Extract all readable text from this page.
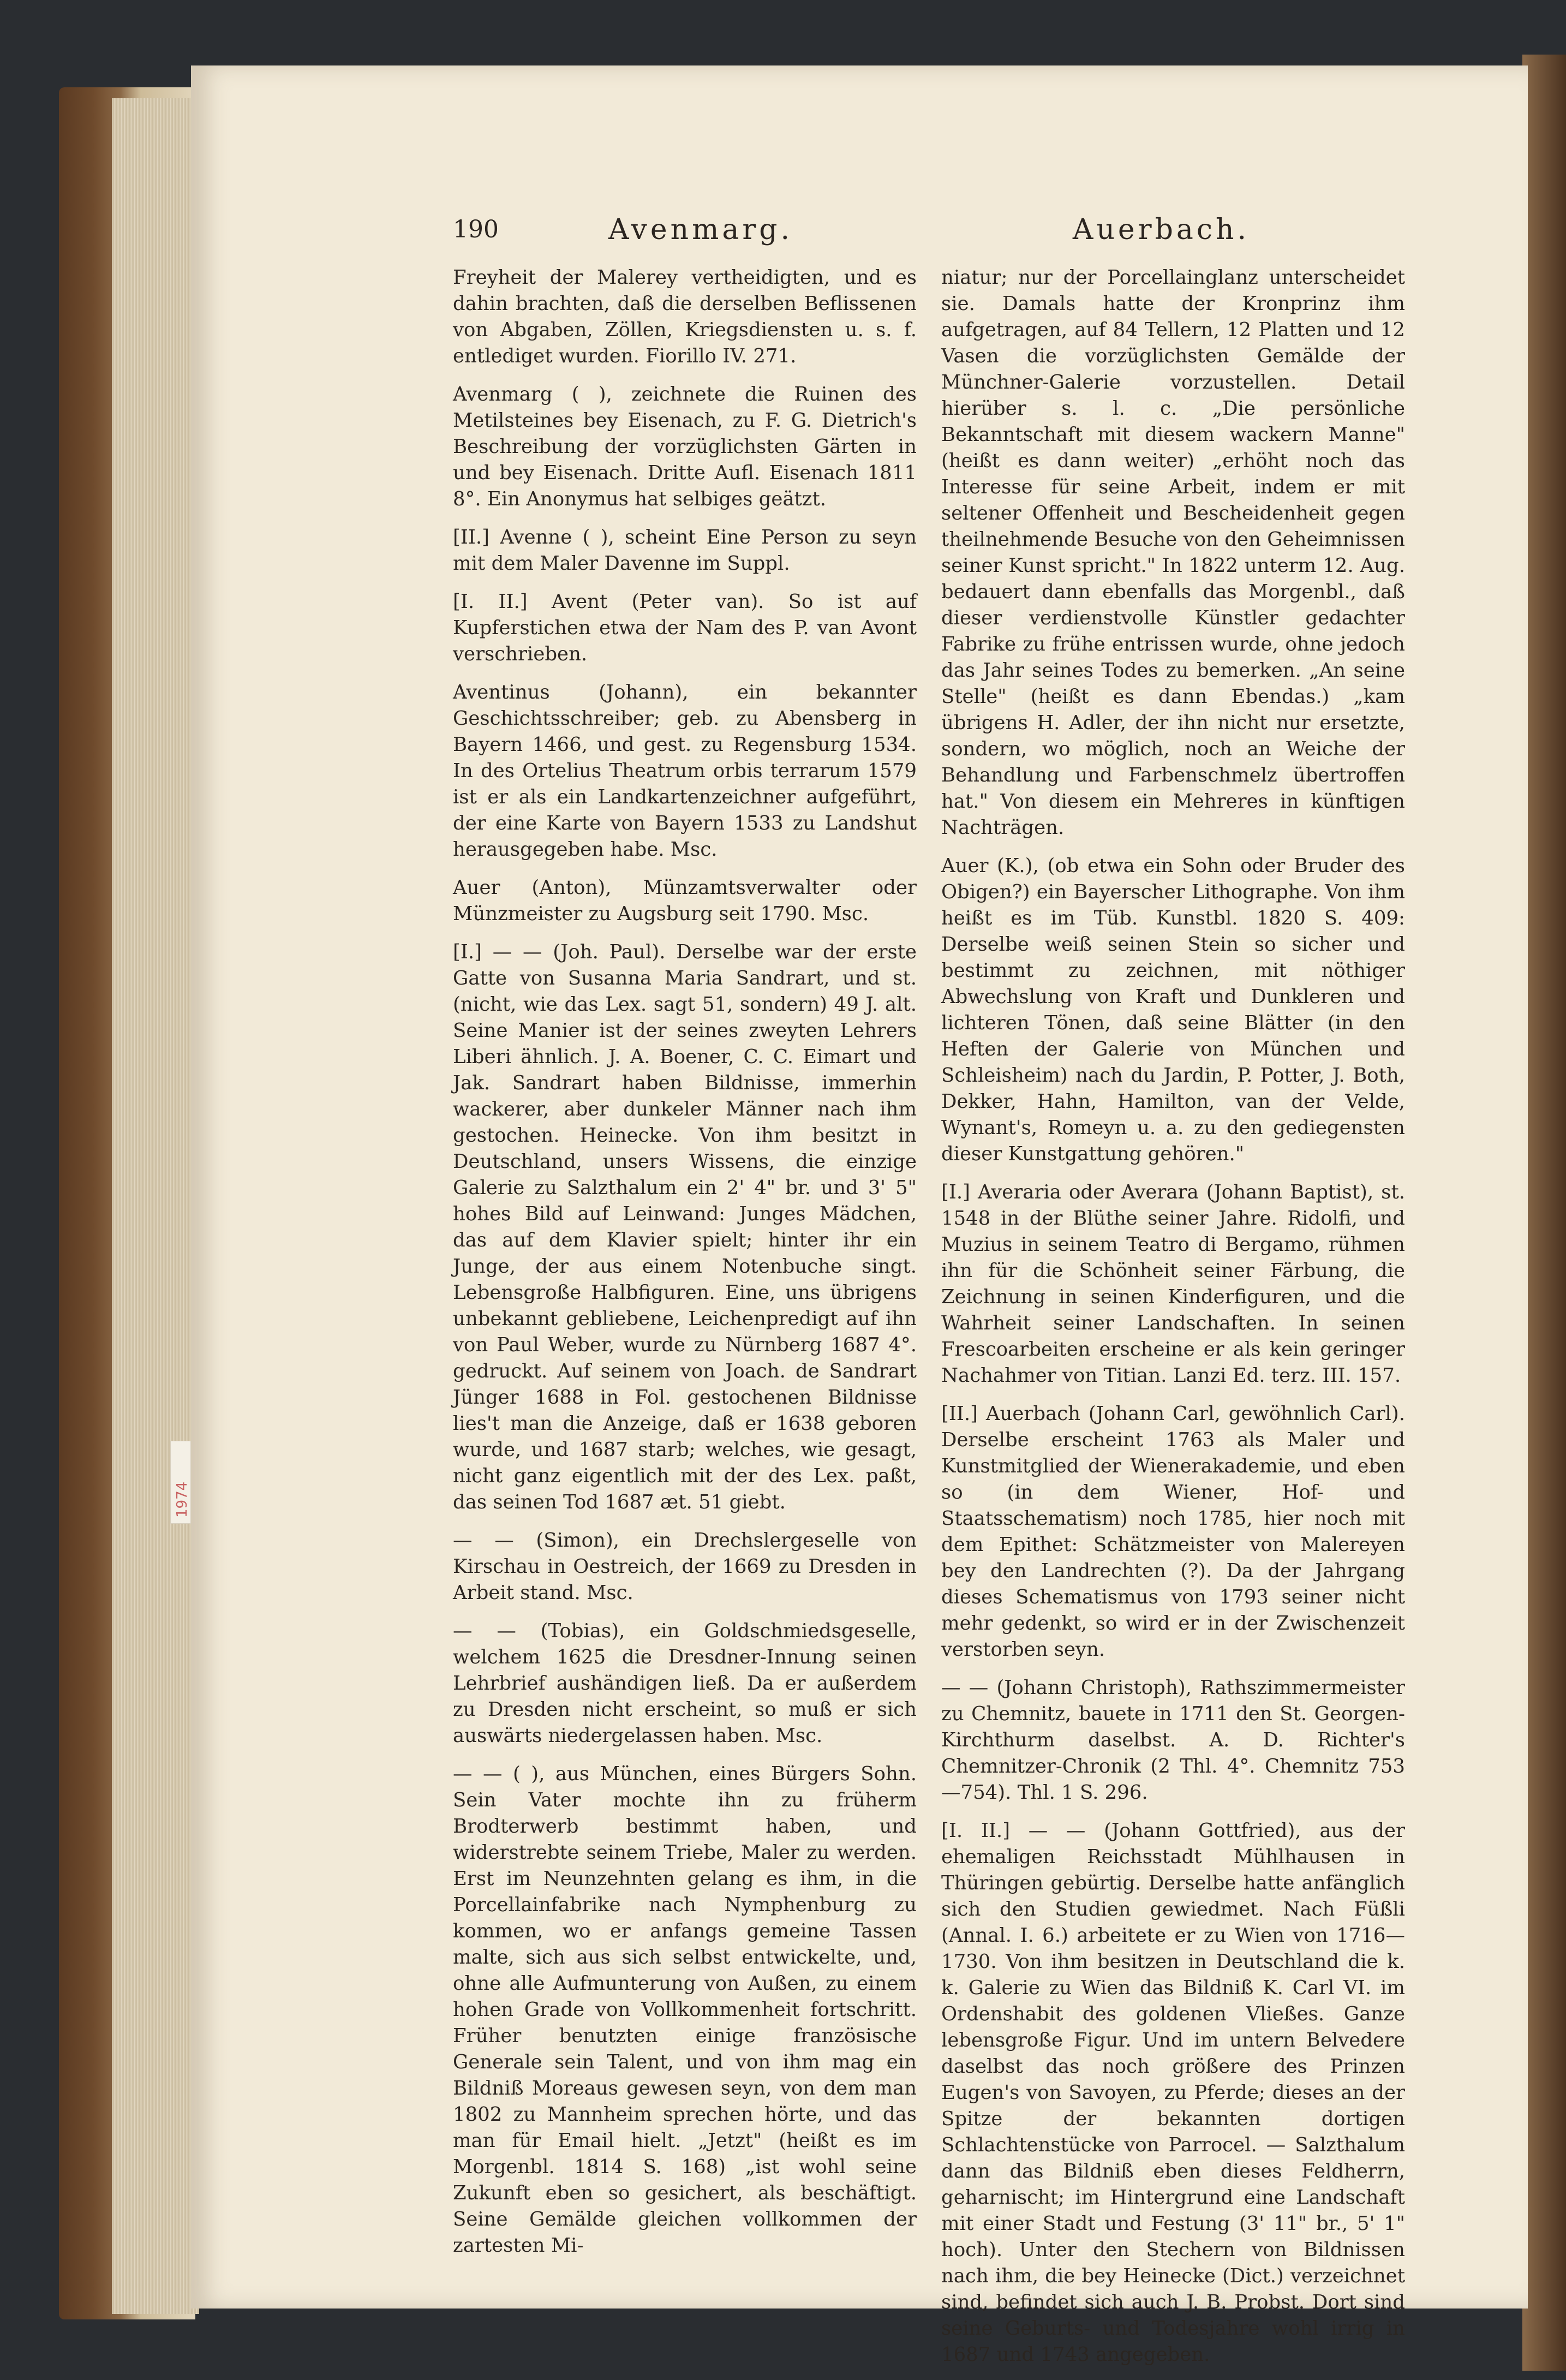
1974
190	Avenmarg.	Auerbach.

Freyheit der Malerey vertheidigten, und es dahin brachten, daß die derselben Beflissenen von Abgaben, Zöllen, Kriegsdiensten u. s. f. entlediget wurden. Fiorillo IV. 271.

Avenmarg ( ), zeichnete die Ruinen des Metilsteines bey Eisenach, zu F. G. Dietrich's Beschreibung der vorzüglichsten Gärten in und bey Eisenach. Dritte Aufl. Eisenach 1811 8°. Ein Anonymus hat selbiges geätzt.

[II.] Avenne ( ), scheint Eine Person zu seyn mit dem Maler Davenne im Suppl.

[I. II.] Avent (Peter van). So ist auf Kupferstichen etwa der Nam des P. van Avont verschrieben.

Aventinus (Johann), ein bekannter Geschichtsschreiber; geb. zu Abensberg in Bayern 1466, und gest. zu Regensburg 1534. In des Ortelius Theatrum orbis terrarum 1579 ist er als ein Landkartenzeichner aufgeführt, der eine Karte von Bayern 1533 zu Landshut herausgegeben habe. Msc.

Auer (Anton), Münzamtsverwalter oder Münzmeister zu Augsburg seit 1790. Msc.

[I.] — — (Joh. Paul). Derselbe war der erste Gatte von Susanna Maria Sandrart, und st. (nicht, wie das Lex. sagt 51, sondern) 49 J. alt. Seine Manier ist der seines zweyten Lehrers Liberi ähnlich. J. A. Boener, C. C. Eimart und Jak. Sandrart haben Bildnisse, immerhin wackerer, aber dunkeler Männer nach ihm gestochen. Heinecke. Von ihm besitzt in Deutschland, unsers Wissens, die einzige Galerie zu Salzthalum ein 2' 4" br. und 3' 5" hohes Bild auf Leinwand: Junges Mädchen, das auf dem Klavier spielt; hinter ihr ein Junge, der aus einem Notenbuche singt. Lebensgroße Halbfiguren. Eine, uns übrigens unbekannt gebliebene, Leichenpredigt auf ihn von Paul Weber, wurde zu Nürnberg 1687 4°. gedruckt. Auf seinem von Joach. de Sandrart Jünger 1688 in Fol. gestochenen Bildnisse lies't man die Anzeige, daß er 1638 geboren wurde, und 1687 starb; welches, wie gesagt, nicht ganz eigentlich mit der des Lex. paßt, das seinen Tod 1687 æt. 51 giebt.

— — (Simon), ein Drechslergeselle von Kirschau in Oestreich, der 1669 zu Dresden in Arbeit stand. Msc.

— — (Tobias), ein Goldschmiedsgeselle, welchem 1625 die Dresdner-Innung seinen Lehrbrief aushändigen ließ. Da er außerdem zu Dresden nicht erscheint, so muß er sich auswärts niedergelassen haben. Msc.

— — ( ), aus München, eines Bürgers Sohn. Sein Vater mochte ihn zu früherm Brodterwerb bestimmt haben, und widerstrebte seinem Triebe, Maler zu werden. Erst im Neunzehnten gelang es ihm, in die Porcellainfabrike nach Nymphenburg zu kommen, wo er anfangs gemeine Tassen malte, sich aus sich selbst entwickelte, und, ohne alle Aufmunterung von Außen, zu einem hohen Grade von Vollkommenheit fortschritt. Früher benutzten einige französische Generale sein Talent, und von ihm mag ein Bildniß Moreaus gewesen seyn, von dem man 1802 zu Mannheim sprechen hörte, und das man für Email hielt. „Jetzt" (heißt es im Morgenbl. 1814 S. 168) „ist wohl seine Zukunft eben so gesichert, als beschäftigt. Seine Gemälde gleichen vollkommen der zartesten Mi-

niatur; nur der Porcellainglanz unterscheidet sie. Damals hatte der Kronprinz ihm aufgetragen, auf 84 Tellern, 12 Platten und 12 Vasen die vorzüglichsten Gemälde der Münchner-Galerie vorzustellen. Detail hierüber s. l. c. „Die persönliche Bekanntschaft mit diesem wackern Manne" (heißt es dann weiter) „erhöht noch das Interesse für seine Arbeit, indem er mit seltener Offenheit und Bescheidenheit gegen theilnehmende Besuche von den Geheimnissen seiner Kunst spricht." In 1822 unterm 12. Aug. bedauert dann ebenfalls das Morgenbl., daß dieser verdienstvolle Künstler gedachter Fabrike zu frühe entrissen wurde, ohne jedoch das Jahr seines Todes zu bemerken. „An seine Stelle" (heißt es dann Ebendas.) „kam übrigens H. Adler, der ihn nicht nur ersetzte, sondern, wo möglich, noch an Weiche der Behandlung und Farbenschmelz übertroffen hat." Von diesem ein Mehreres in künftigen Nachträgen.

Auer (K.), (ob etwa ein Sohn oder Bruder des Obigen?) ein Bayerscher Lithographe. Von ihm heißt es im Tüb. Kunstbl. 1820 S. 409: Derselbe weiß seinen Stein so sicher und bestimmt zu zeichnen, mit nöthiger Abwechslung von Kraft und Dunkleren und lichteren Tönen, daß seine Blätter (in den Heften der Galerie von München und Schleisheim) nach du Jardin, P. Potter, J. Both, Dekker, Hahn, Hamilton, van der Velde, Wynant's, Romeyn u. a. zu den gediegensten dieser Kunstgattung gehören."

[I.] Averaria oder Averara (Johann Baptist), st. 1548 in der Blüthe seiner Jahre. Ridolfi, und Muzius in seinem Teatro di Bergamo, rühmen ihn für die Schönheit seiner Färbung, die Zeichnung in seinen Kinderfiguren, und die Wahrheit seiner Landschaften. In seinen Frescoarbeiten erscheine er als kein geringer Nachahmer von Titian. Lanzi Ed. terz. III. 157.

[II.] Auerbach (Johann Carl, gewöhnlich Carl). Derselbe erscheint 1763 als Maler und Kunstmitglied der Wienerakademie, und eben so (in dem Wiener, Hof- und Staatsschematism) noch 1785, hier noch mit dem Epithet: Schätzmeister von Malereyen bey den Landrechten (?). Da der Jahrgang dieses Schematismus von 1793 seiner nicht mehr gedenkt, so wird er in der Zwischenzeit verstorben seyn.

— — (Johann Christoph), Rathszimmermeister zu Chemnitz, bauete in 1711 den St. Georgen-Kirchthurm daselbst. A. D. Richter's Chemnitzer-Chronik (2 Thl. 4°. Chemnitz 753—754). Thl. 1 S. 296.

[I. II.] — — (Johann Gottfried), aus der ehemaligen Reichsstadt Mühlhausen in Thüringen gebürtig. Derselbe hatte anfänglich sich den Studien gewiedmet. Nach Füßli (Annal. I. 6.) arbeitete er zu Wien von 1716—1730. Von ihm besitzen in Deutschland die k. k. Galerie zu Wien das Bildniß K. Carl VI. im Ordenshabit des goldenen Vließes. Ganze lebensgroße Figur. Und im untern Belvedere daselbst das noch größere des Prinzen Eugen's von Savoyen, zu Pferde; dieses an der Spitze der bekannten dortigen Schlachtenstücke von Parrocel. — Salzthalum dann das Bildniß eben dieses Feldherrn, geharnischt; im Hintergrund eine Landschaft mit einer Stadt und Festung (3' 11" br., 5' 1" hoch). Unter den Stechern von Bildnissen nach ihm, die bey Heinecke (Dict.) verzeichnet sind, befindet sich auch J. B. Probst. Dort sind seine Geburts- und Todesjahre wohl irrig in 1687 und 1743 angegeben.
